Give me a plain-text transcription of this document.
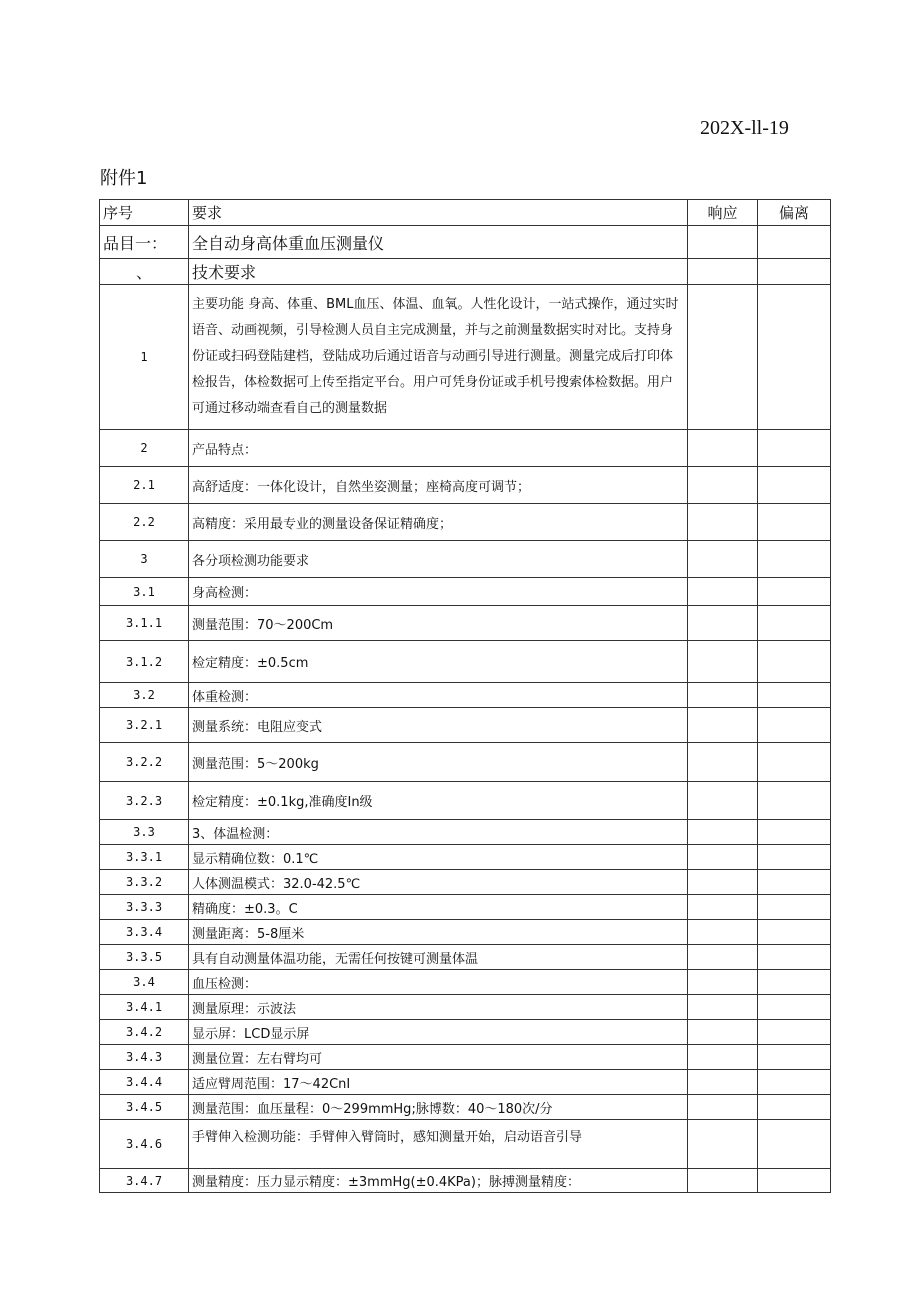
202X-ll-19
附件1
序号	要求	响应	偏离
品目一：	全自动身高体重血压测量仪		
、	技术要求		
1	主要功能 身高、体重、BML血压、体温、血氧。人性化设计，一站式操作，通过实时语音、动画视频，引导检测人员自主完成测量，并与之前测量数据实时对比。支持身份证或扫码登陆建档，登陆成功后通过语音与动画引导进行测量。测量完成后打印体检报告，体检数据可上传至指定平台。用户可凭身份证或手机号搜索体检数据。用户可通过移动端查看自己的测量数据		
2	产品特点：		
2.1	高舒适度：一体化设计，自然坐姿测量；座椅高度可调节；		
2.2	高精度：采用最专业的测量设备保证精确度；		
3	各分项检测功能要求		
3.1	身高检测：		
3.1.1	测量范围：70～200Cm		
3.1.2	检定精度：±0.5cm		
3.2	体重检测：		
3.2.1	测量系统：电阻应变式		
3.2.2	测量范围：5～200kg		
3.2.3	检定精度：±0.1kg,准确度In级		
3.3	3、体温检测：		
3.3.1	显示精确位数：0.1℃		
3.3.2	人体测温模式：32.0-42.5℃		
3.3.3	精确度：±0.3。C		
3.3.4	测量距离：5-8厘米		
3.3.5	具有自动测量体温功能，无需任何按键可测量体温		
3.4	血压检测：		
3.4.1	测量原理：示波法		
3.4.2	显示屏：LCD显示屏		
3.4.3	测量位置：左右臂均可		
3.4.4	适应臂周范围：17～42CnI		
3.4.5	测量范围：血压量程：0～299mmHg;脉博数：40～180次/分		
3.4.6	手臂伸入检测功能：手臂伸入臂筒时，感知测量开始，启动语音引导		
3.4.7	测量精度：压力显示精度：±3mmHg(±0.4KPa)；脉搏测量精度：		
